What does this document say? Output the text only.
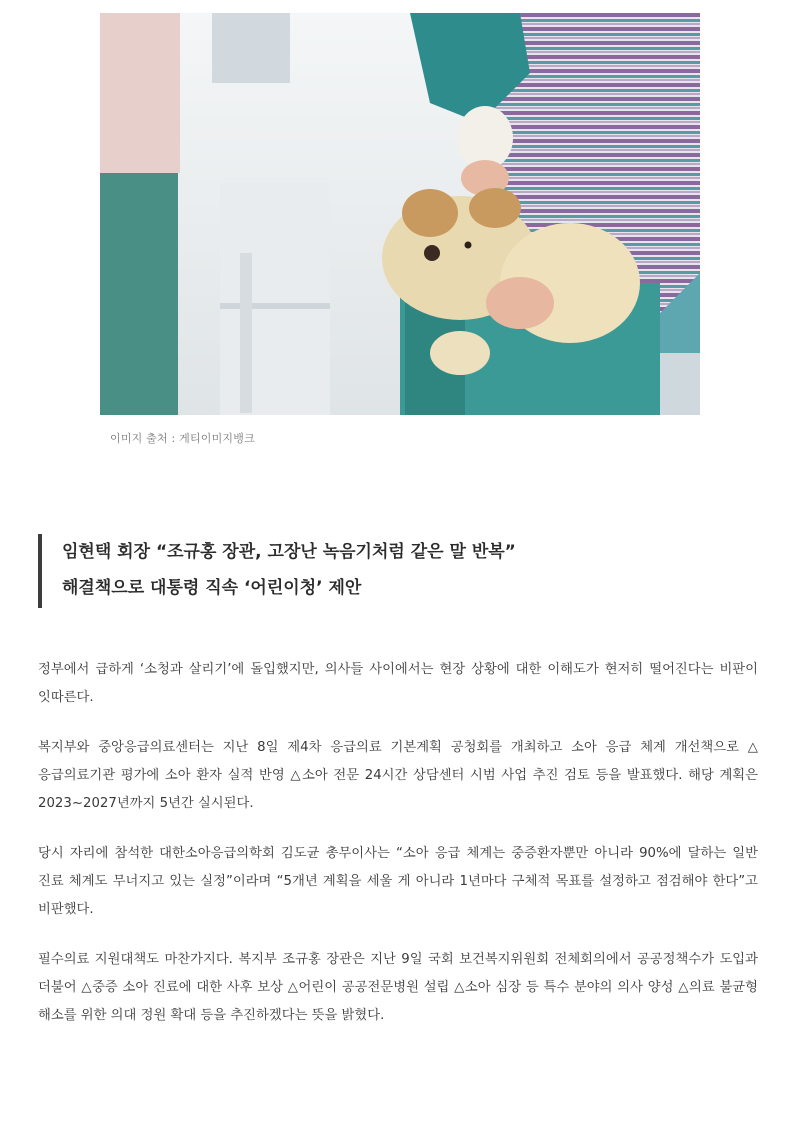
이미지 출처 : 게티이미지뱅크
임현택 회장 “조규홍 장관, 고장난 녹음기처럼 같은 말 반복”
해결책으로 대통령 직속 ‘어린이청’ 제안

정부에서 급하게 ‘소청과 살리기’에 돌입했지만, 의사들 사이에서는 현장 상황에 대한 이해도가 현저히 떨어진다는 비판이 잇따른다.

복지부와 중앙응급의료센터는 지난 8일 제4차 응급의료 기본계획 공청회를 개최하고 소아 응급 체계 개선책으로 △응급의료기관 평가에 소아 환자 실적 반영 △소아 전문 24시간 상담센터 시범 사업 추진 검토 등을 발표했다. 해당 계획은 2023~2027년까지 5년간 실시된다.

당시 자리에 참석한 대한소아응급의학회 김도균 총무이사는 “소아 응급 체계는 중증환자뿐만 아니라 90%에 달하는 일반 진료 체계도 무너지고 있는 실정”이라며 “5개년 계획을 세울 게 아니라 1년마다 구체적 목표를 설정하고 점검해야 한다”고 비판했다.

필수의료 지원대책도 마찬가지다. 복지부 조규홍 장관은 지난 9일 국회 보건복지위원회 전체회의에서 공공정책수가 도입과 더불어 △중증 소아 진료에 대한 사후 보상 △어린이 공공전문병원 설립 △소아 심장 등 특수 분야의 의사 양성 △의료 불균형 해소를 위한 의대 정원 확대 등을 추진하겠다는 뜻을 밝혔다.
